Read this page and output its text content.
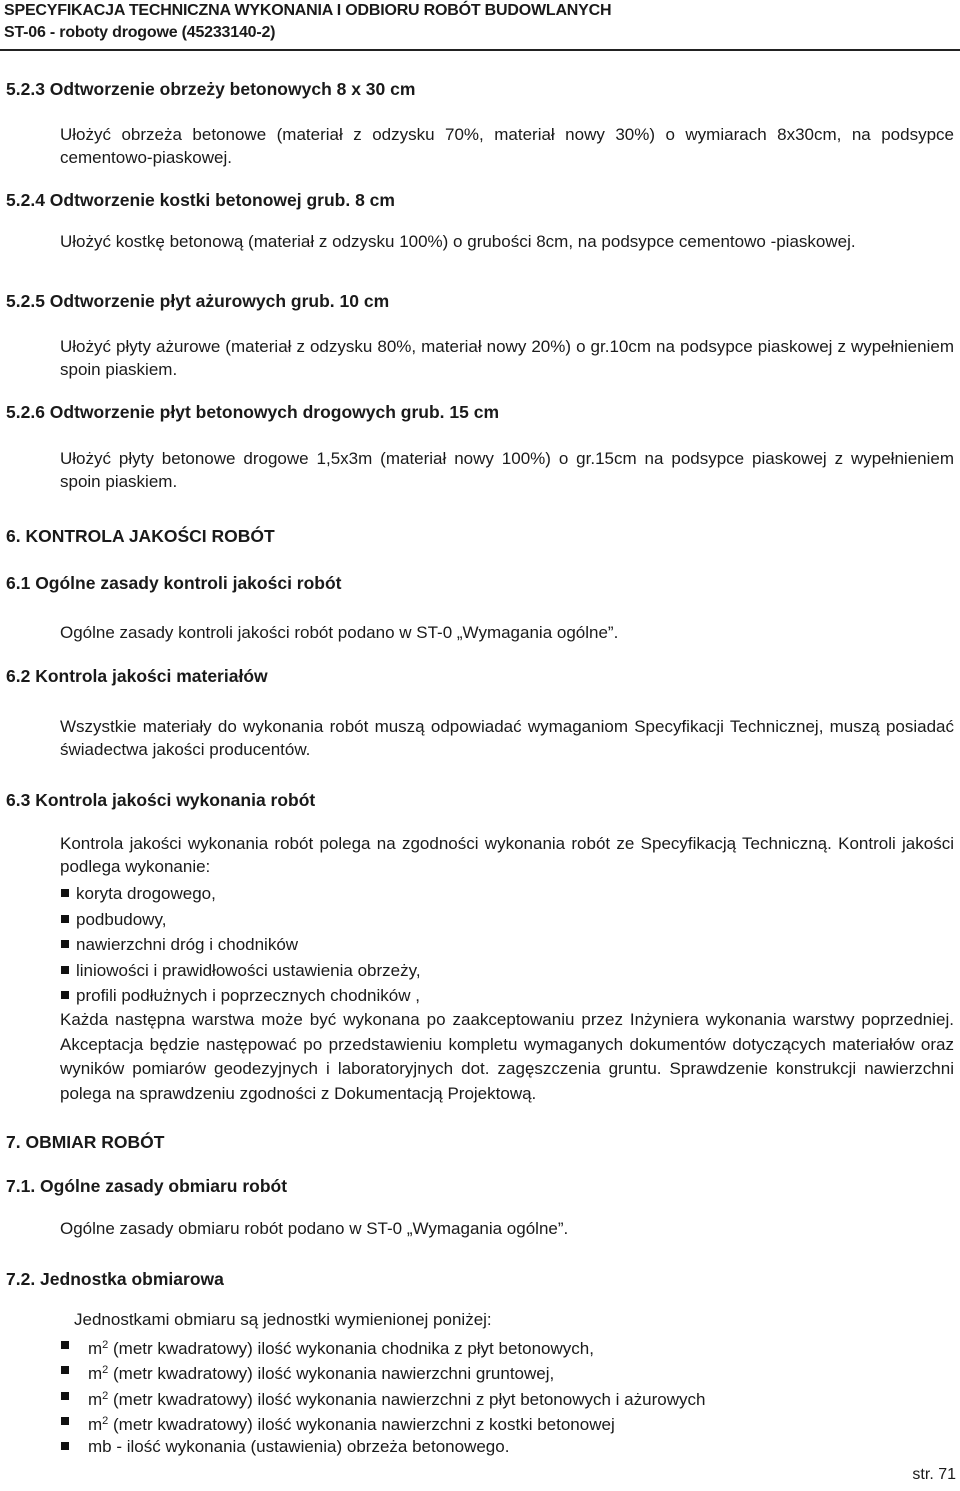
SPECYFIKACJA TECHNICZNA WYKONANIA I ODBIORU ROBÓT BUDOWLANYCH
ST-06 - roboty drogowe (45233140-2)
5.2.3 Odtworzenie obrzeży betonowych 8 x 30 cm
Ułożyć obrzeża betonowe (materiał z odzysku 70%, materiał nowy 30%) o wymiarach 8x30cm, na podsypce cementowo-piaskowej.
5.2.4 Odtworzenie kostki betonowej grub. 8 cm
Ułożyć kostkę betonową (materiał z odzysku 100%) o grubości 8cm, na podsypce cementowo -piaskowej.
5.2.5 Odtworzenie płyt ażurowych grub. 10 cm
Ułożyć płyty ażurowe (materiał z odzysku 80%, materiał nowy 20%) o gr.10cm na podsypce piaskowej z wypełnieniem spoin piaskiem.
5.2.6 Odtworzenie płyt betonowych drogowych grub. 15 cm
Ułożyć płyty betonowe drogowe 1,5x3m (materiał nowy 100%) o gr.15cm na podsypce piaskowej z wypełnieniem spoin piaskiem.
6. KONTROLA JAKOŚCI ROBÓT
6.1 Ogólne zasady kontroli jakości robót
Ogólne zasady kontroli jakości robót podano w ST-0 „Wymagania ogólne”.
6.2 Kontrola jakości materiałów
Wszystkie materiały do wykonania robót muszą odpowiadać wymaganiom Specyfikacji Technicznej, muszą posiadać świadectwa jakości producentów.
6.3 Kontrola jakości wykonania robót
Kontrola jakości wykonania robót polega na zgodności wykonania robót ze Specyfikacją Techniczną. Kontroli jakości podlega wykonanie:
koryta drogowego,
podbudowy,
nawierzchni dróg i chodników
liniowości i prawidłowości ustawienia obrzeży,
profili podłużnych i poprzecznych chodników ,
Każda następna warstwa może być wykonana po zaakceptowaniu przez Inżyniera wykonania warstwy poprzedniej. Akceptacja będzie następować po przedstawieniu kompletu wymaganych dokumentów dotyczących materiałów oraz wyników pomiarów geodezyjnych i laboratoryjnych dot. zagęszczenia gruntu. Sprawdzenie konstrukcji nawierzchni polega na sprawdzeniu zgodności z Dokumentacją Projektową.
7. OBMIAR ROBÓT
7.1. Ogólne zasady obmiaru robót
Ogólne zasady obmiaru robót podano w ST-0 „Wymagania ogólne”.
7.2. Jednostka obmiarowa
Jednostkami obmiaru są jednostki wymienionej poniżej:
$m^2$ (metr kwadratowy) ilość wykonania chodnika z płyt betonowych,
$m^2$ (metr kwadratowy) ilość wykonania nawierzchni gruntowej,
$m^2$ (metr kwadratowy) ilość wykonania nawierzchni z płyt betonowych i ażurowych
$m^2$ (metr kwadratowy) ilość wykonania nawierzchni z kostki betonowej
mb - ilość wykonania (ustawienia) obrzeża betonowego.
str. 71
